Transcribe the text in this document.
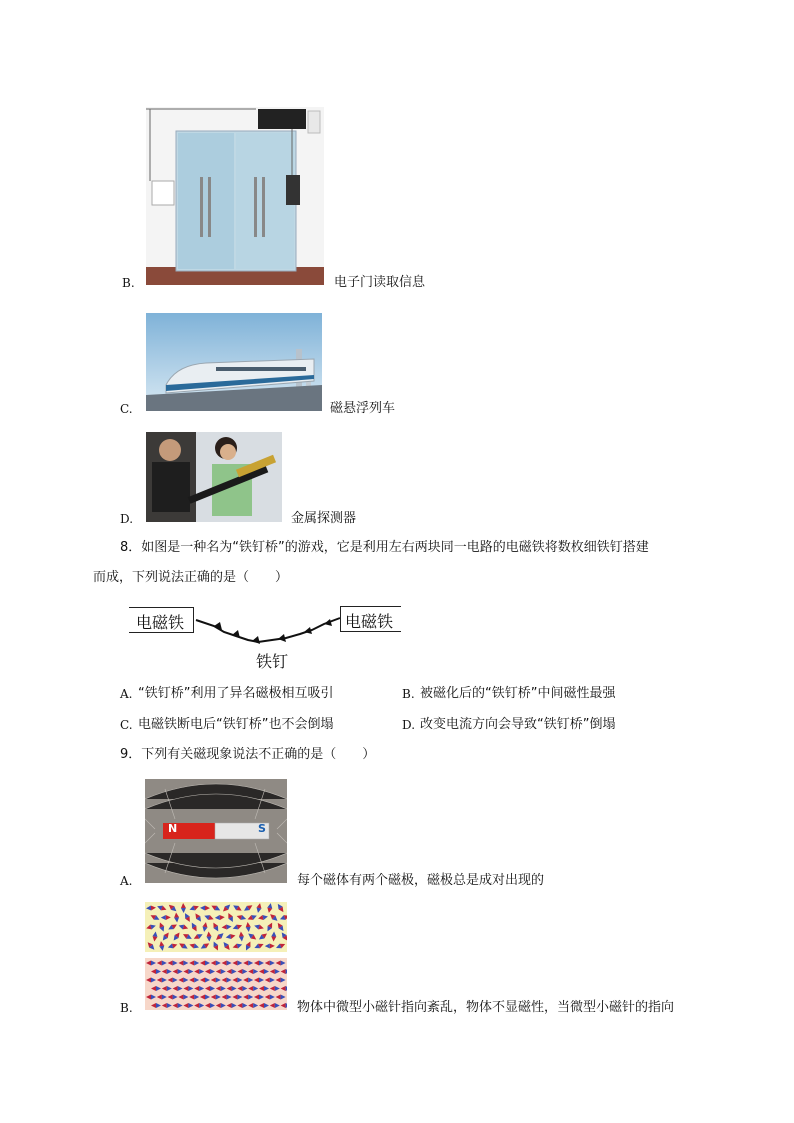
B.	电子门读取信息
C.	磁悬浮列车
D.	金属探测器
8．如图是一种名为“铁钉桥”的游戏，它是利用左右两块同一电路的电磁铁将数枚细铁钉搭建
而成，下列说法正确的是（　　）
电磁铁	电磁铁
铁钉
A. “铁钉桥”利用了异名磁极相互吸引	B. 被磁化后的“铁钉桥”中间磁性最强
C. 电磁铁断电后“铁钉桥”也不会倒塌	D. 改变电流方向会导致“铁钉桥”倒塌
9．下列有关磁现象说法不正确的是（　　）
N	S
A.	每个磁体有两个磁极，磁极总是成对出现的
B.	物体中微型小磁针指向紊乱，物体不显磁性，当微型小磁针的指向
